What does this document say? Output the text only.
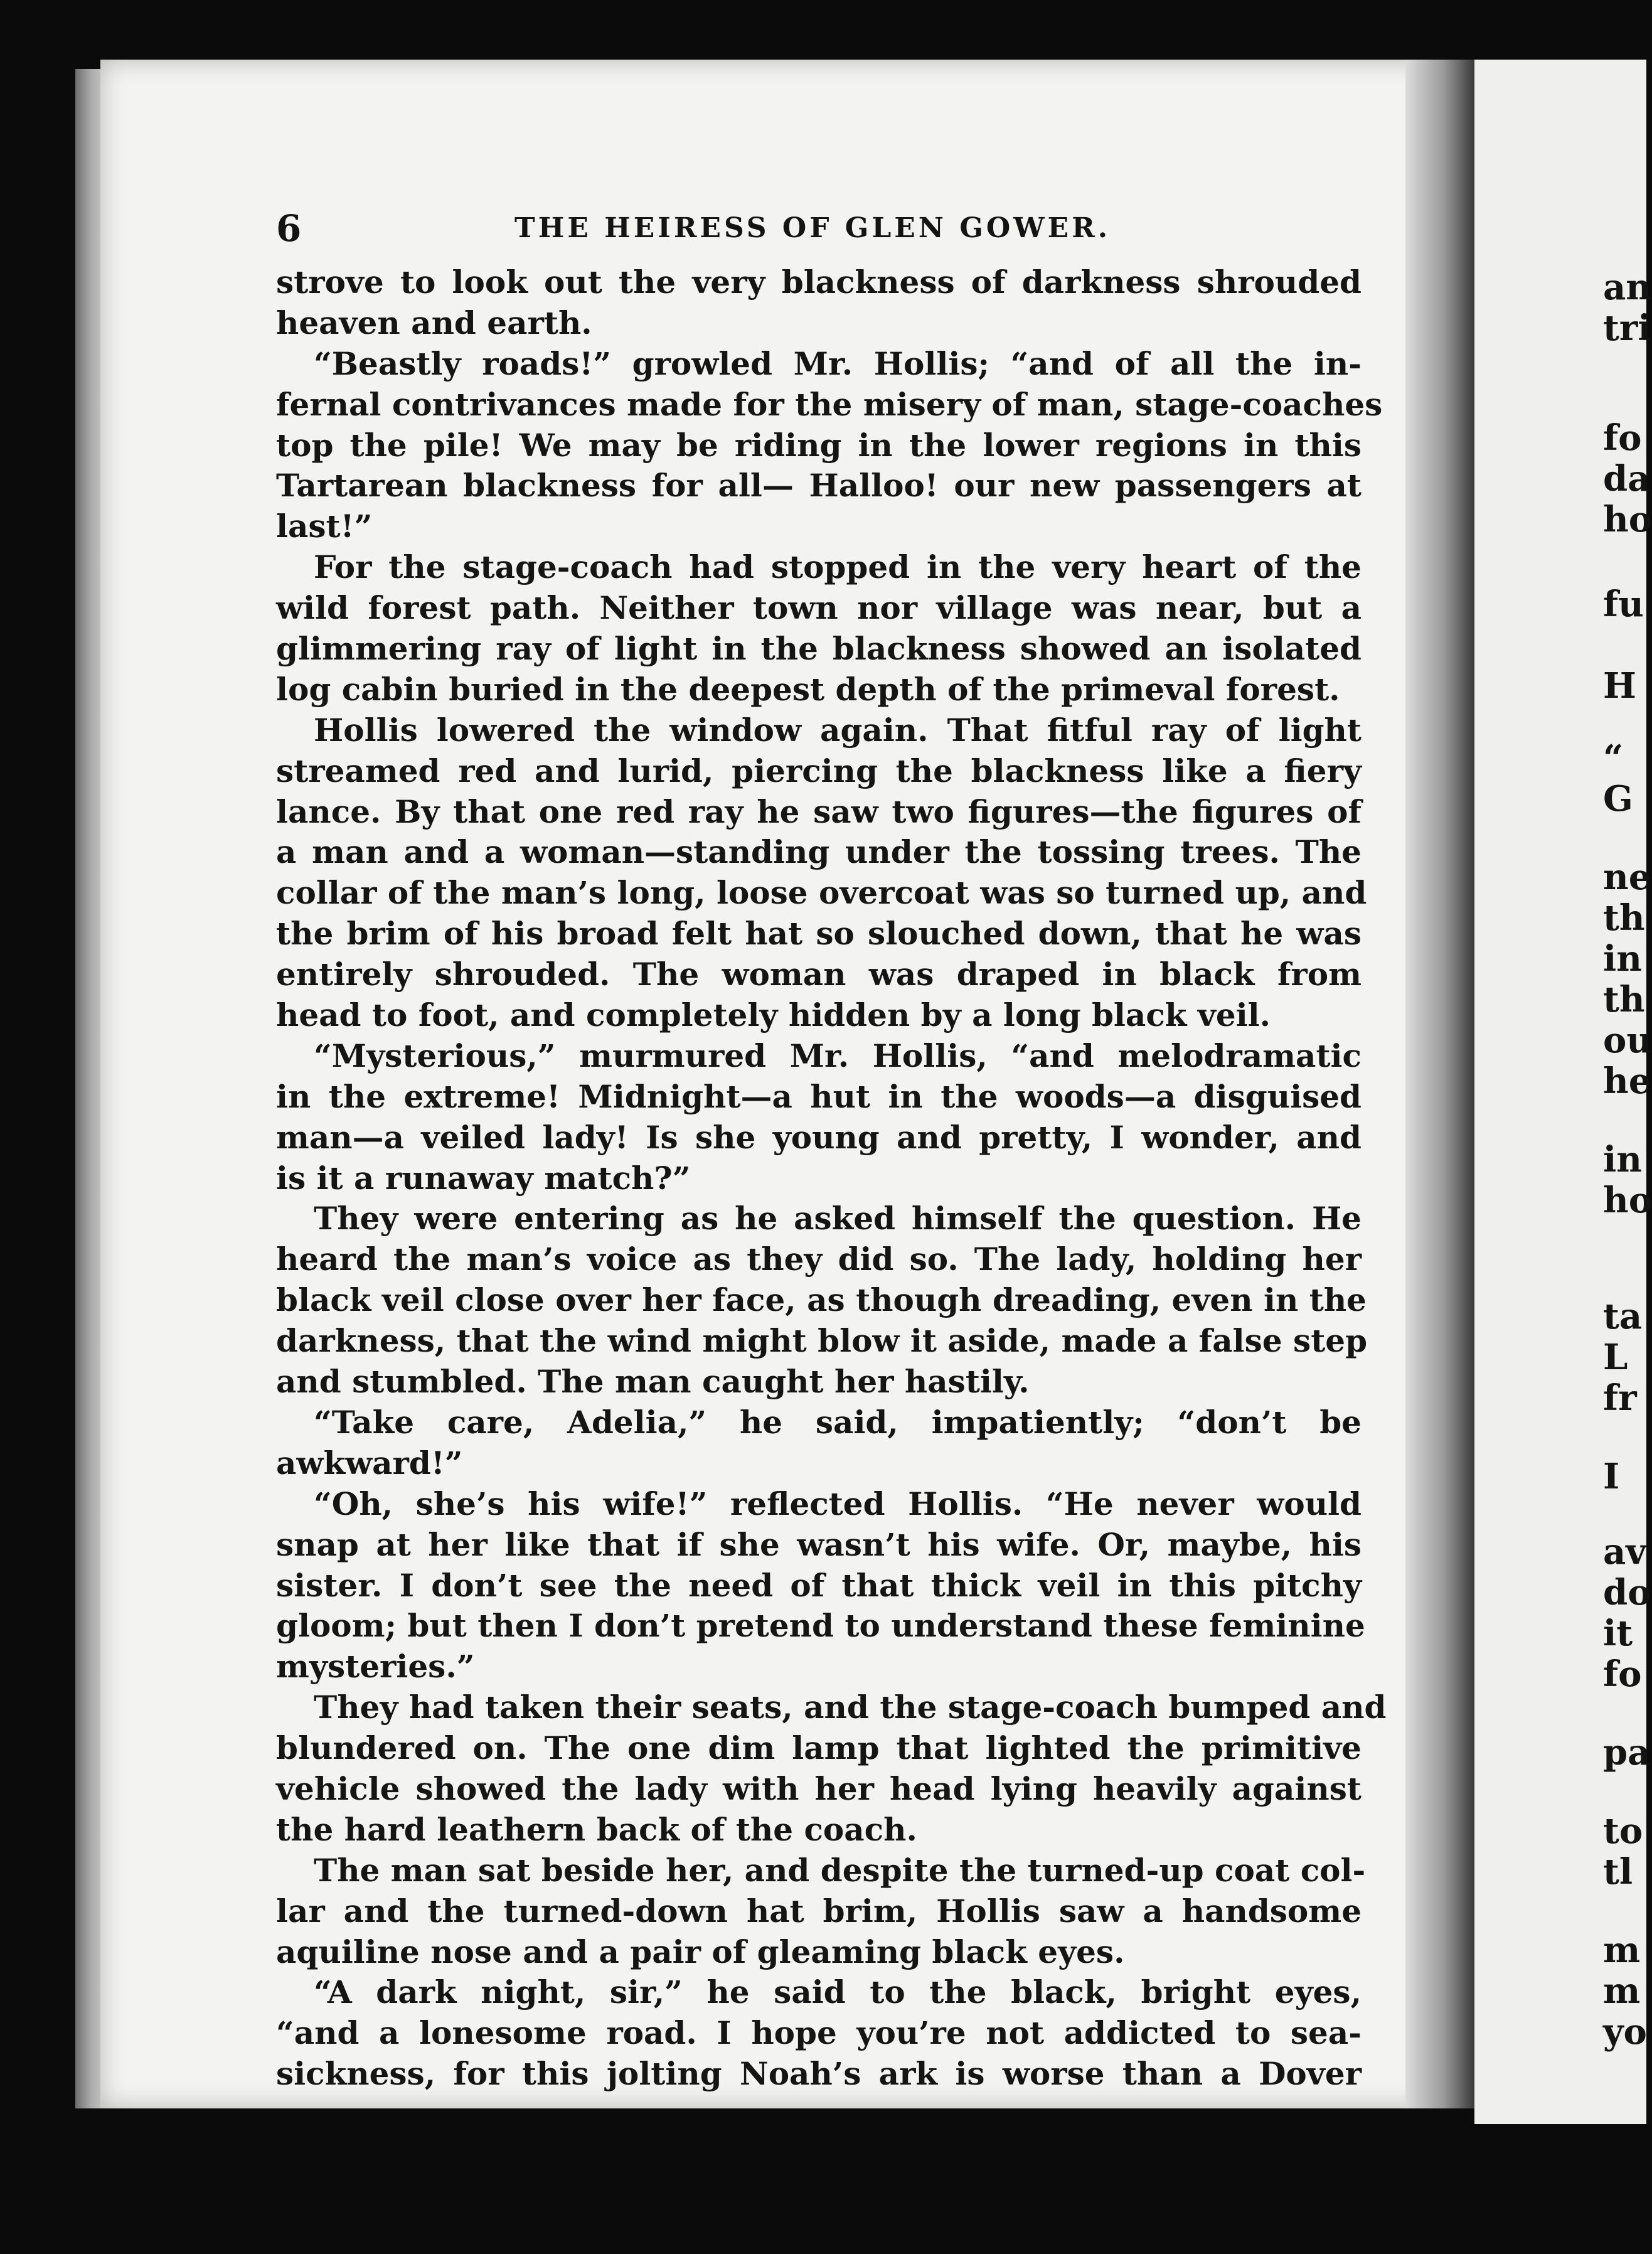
an
tri
fo
da
ho
fu
H
“
G
ne
th
in
th
ou
he
in
ho
ta
L
fr
I
av
do
it
fo
pa
to
tl
m
m
yo
6	THE HEIRESS OF GLEN GOWER.
strove to look out the very blackness of darkness shrouded
heaven and earth.
“Beastly roads!” growled Mr. Hollis; “and of all the in-
fernal contrivances made for the misery of man, stage-coaches
top the pile! We may be riding in the lower regions in this
Tartarean blackness for all— Halloo! our new passengers at
last!”
For the stage-coach had stopped in the very heart of the
wild forest path. Neither town nor village was near, but a
glimmering ray of light in the blackness showed an isolated
log cabin buried in the deepest depth of the primeval forest.
Hollis lowered the window again. That fitful ray of light
streamed red and lurid, piercing the blackness like a fiery
lance. By that one red ray he saw two figures—the figures of
a man and a woman—standing under the tossing trees. The
collar of the man’s long, loose overcoat was so turned up, and
the brim of his broad felt hat so slouched down, that he was
entirely shrouded. The woman was draped in black from
head to foot, and completely hidden by a long black veil.
“Mysterious,” murmured Mr. Hollis, “and melodramatic
in the extreme! Midnight—a hut in the woods—a disguised
man—a veiled lady! Is she young and pretty, I wonder, and
is it a runaway match?”
They were entering as he asked himself the question. He
heard the man’s voice as they did so. The lady, holding her
black veil close over her face, as though dreading, even in the
darkness, that the wind might blow it aside, made a false step
and stumbled. The man caught her hastily.
“Take care, Adelia,” he said, impatiently; “don’t be
awkward!”
“Oh, she’s his wife!” reflected Hollis. “He never would
snap at her like that if she wasn’t his wife. Or, maybe, his
sister. I don’t see the need of that thick veil in this pitchy
gloom; but then I don’t pretend to understand these feminine
mysteries.”
They had taken their seats, and the stage-coach bumped and
blundered on. The one dim lamp that lighted the primitive
vehicle showed the lady with her head lying heavily against
the hard leathern back of the coach.
The man sat beside her, and despite the turned-up coat col-
lar and the turned-down hat brim, Hollis saw a handsome
aquiline nose and a pair of gleaming black eyes.
“A dark night, sir,” he said to the black, bright eyes,
“and a lonesome road. I hope you’re not addicted to sea-
sickness, for this jolting Noah’s ark is worse than a Dover
